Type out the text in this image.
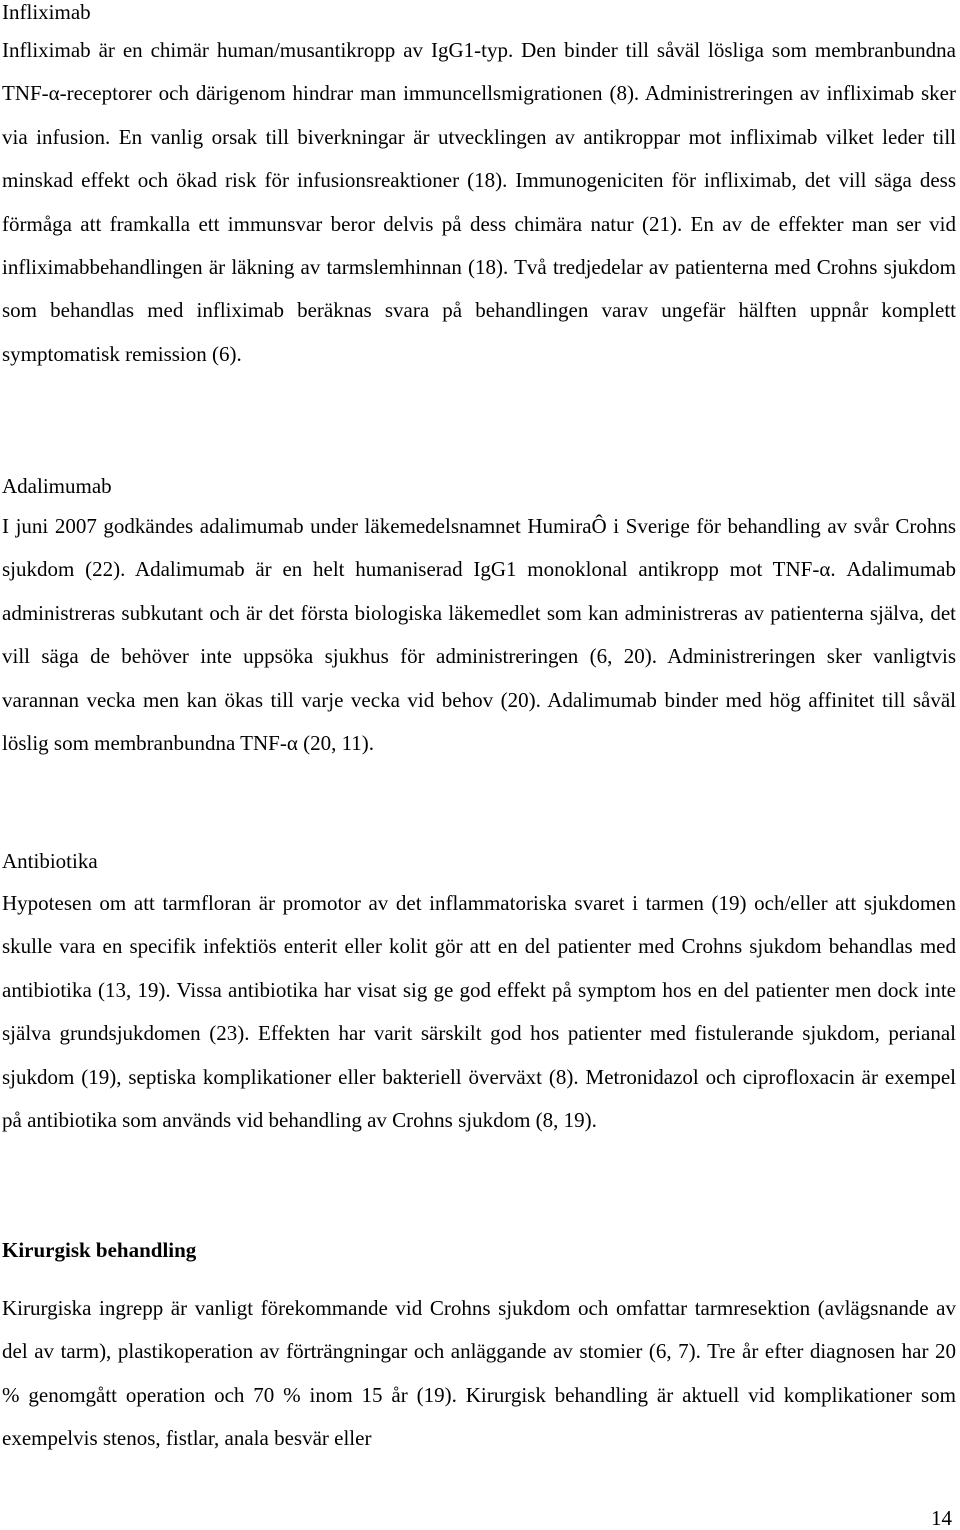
Infliximab

Infliximab är en chimär human/musantikropp av IgG1-typ. Den binder till såväl lösliga som membranbundna TNF-α-receptorer och därigenom hindrar man immuncellsmigrationen (8). Administreringen av infliximab sker via infusion. En vanlig orsak till biverkningar är utvecklingen av antikroppar mot infliximab vilket leder till minskad effekt och ökad risk för infusionsreaktioner (18). Immunogeniciten för infliximab, det vill säga dess förmåga att framkalla ett immunsvar beror delvis på dess chimära natur (21). En av de effekter man ser vid infliximabbehandlingen är läkning av tarmslemhinnan (18). Två tredjedelar av patienterna med Crohns sjukdom som behandlas med infliximab beräknas svara på behandlingen varav ungefär hälften uppnår komplett symptomatisk remission (6).

Adalimumab

I juni 2007 godkändes adalimumab under läkemedelsnamnet HumiraÔ i Sverige för behandling av svår Crohns sjukdom (22). Adalimumab är en helt humaniserad IgG1 monoklonal antikropp mot TNF-α. Adalimumab administreras subkutant och är det första biologiska läkemedlet som kan administreras av patienterna själva, det vill säga de behöver inte uppsöka sjukhus för administreringen (6, 20). Administreringen sker vanligtvis varannan vecka men kan ökas till varje vecka vid behov (20). Adalimumab binder med hög affinitet till såväl löslig som membranbundna TNF-α (20, 11).

Antibiotika

Hypotesen om att tarmfloran är promotor av det inflammatoriska svaret i tarmen (19) och/eller att sjukdomen skulle vara en specifik infektiös enterit eller kolit gör att en del patienter med Crohns sjukdom behandlas med antibiotika (13, 19). Vissa antibiotika har visat sig ge god effekt på symptom hos en del patienter men dock inte själva grundsjukdomen (23). Effekten har varit särskilt god hos patienter med fistulerande sjukdom, perianal sjukdom (19), septiska komplikationer eller bakteriell överväxt (8). Metronidazol och ciprofloxacin är exempel på antibiotika som används vid behandling av Crohns sjukdom (8, 19).

Kirurgisk behandling

Kirurgiska ingrepp är vanligt förekommande vid Crohns sjukdom och omfattar tarmresektion (avlägsnande av del av tarm), plastikoperation av förträngningar och anläggande av stomier (6, 7). Tre år efter diagnosen har 20 % genomgått operation och 70 % inom 15 år (19). Kirurgisk behandling är aktuell vid komplikationer som exempelvis stenos, fistlar, anala besvär eller

14
